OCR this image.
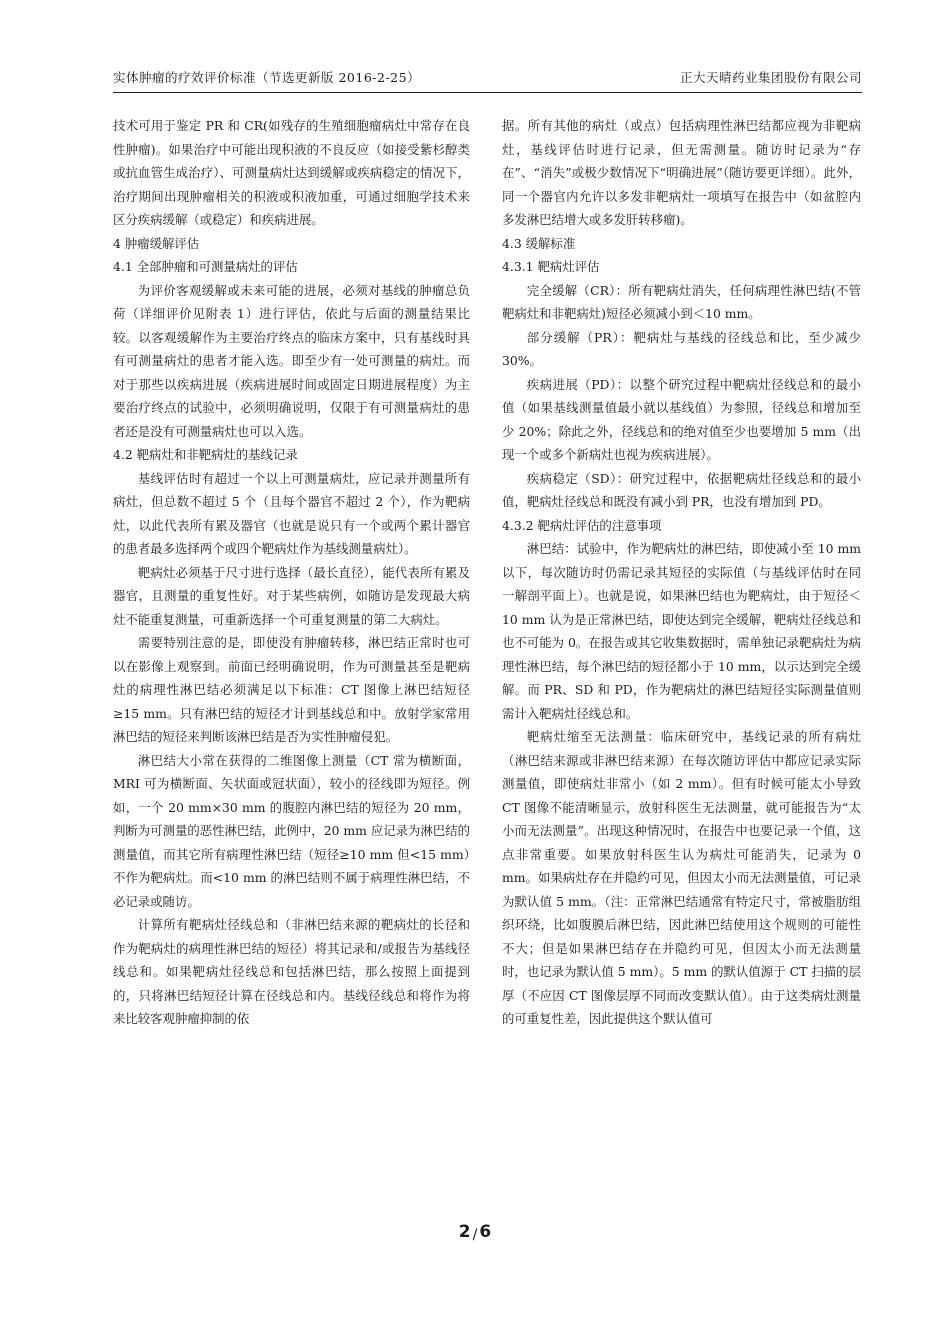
实体肿瘤的疗效评价标准（节选更新版 2016-2-25）	正大天晴药业集团股份有限公司

技术可用于鉴定 PR 和 CR(如残存的生殖细胞瘤病灶中常存在良性肿瘤)。如果治疗中可能出现积液的不良反应（如接受紫杉醇类或抗血管生成治疗）、可测量病灶达到缓解或疾病稳定的情况下，治疗期间出现肿瘤相关的积液或积液加重，可通过细胞学技术来区分疾病缓解（或稳定）和疾病进展。

4 肿瘤缓解评估

4.1 全部肿瘤和可测量病灶的评估

为评价客观缓解或未来可能的进展，必须对基线的肿瘤总负荷（详细评价见附表 1）进行评估，依此与后面的测量结果比较。以客观缓解作为主要治疗终点的临床方案中，只有基线时具有可测量病灶的患者才能入选。即至少有一处可测量的病灶。而对于那些以疾病进展（疾病进展时间或固定日期进展程度）为主要治疗终点的试验中，必须明确说明，仅限于有可测量病灶的患者还是没有可测量病灶也可以入选。

4.2 靶病灶和非靶病灶的基线记录

基线评估时有超过一个以上可测量病灶，应记录并测量所有病灶，但总数不超过 5 个（且每个器官不超过 2 个），作为靶病灶，以此代表所有累及器官（也就是说只有一个或两个累计器官的患者最多选择两个或四个靶病灶作为基线测量病灶）。

靶病灶必须基于尺寸进行选择（最长直径），能代表所有累及器官，且测量的重复性好。对于某些病例，如随访是发现最大病灶不能重复测量，可重新选择一个可重复测量的第二大病灶。

需要特别注意的是，即使没有肿瘤转移，淋巴结正常时也可以在影像上观察到。前面已经明确说明，作为可测量甚至是靶病灶的病理性淋巴结必须满足以下标准：CT 图像上淋巴结短径≥15 mm。只有淋巴结的短径才计到基线总和中。放射学家常用淋巴结的短径来判断该淋巴结是否为实性肿瘤侵犯。

淋巴结大小常在获得的二维图像上测量（CT 常为横断面，MRI 可为横断面、矢状面或冠状面），较小的径线即为短径。例如，一个 20 mm×30 mm 的腹腔内淋巴结的短径为 20 mm，判断为可测量的恶性淋巴结，此例中，20 mm 应记录为淋巴结的测量值，而其它所有病理性淋巴结（短径≥10 mm 但<15 mm）不作为靶病灶。而<10 mm 的淋巴结则不属于病理性淋巴结，不必记录或随访。

计算所有靶病灶径线总和（非淋巴结来源的靶病灶的长径和作为靶病灶的病理性淋巴结的短径）将其记录和/或报告为基线径线总和。如果靶病灶径线总和包括淋巴结，那么按照上面提到的，只将淋巴结短径计算在径线总和内。基线径线总和将作为将来比较客观肿瘤抑制的依

据。所有其他的病灶（或点）包括病理性淋巴结都应视为非靶病灶，基线评估时进行记录，但无需测量。随访时记录为“存在”、“消失”或极少数情况下“明确进展”（随访要更详细）。此外，同一个器官内允许以多发非靶病灶一项填写在报告中（如盆腔内多发淋巴结增大或多发肝转移瘤)。

4.3 缓解标准

4.3.1 靶病灶评估

完全缓解（CR）：所有靶病灶消失，任何病理性淋巴结(不管靶病灶和非靶病灶)短径必须减小到＜10 mm。

部分缓解（PR）：靶病灶与基线的径线总和比，至少减少 30%。

疾病进展（PD）：以整个研究过程中靶病灶径线总和的最小值（如果基线测量值最小就以基线值）为参照，径线总和增加至少 20%；除此之外，径线总和的绝对值至少也要增加 5 mm（出现一个或多个新病灶也视为疾病进展）。

疾病稳定（SD）：研究过程中，依据靶病灶径线总和的最小值，靶病灶径线总和既没有减小到 PR，也没有增加到 PD。

4.3.2 靶病灶评估的注意事项

淋巴结：试验中，作为靶病灶的淋巴结，即使减小至 10 mm 以下，每次随访时仍需记录其短径的实际值（与基线评估时在同一解剖平面上）。也就是说，如果淋巴结也为靶病灶，由于短径＜10 mm 认为是正常淋巴结，即使达到完全缓解，靶病灶径线总和也不可能为 0。在报告或其它收集数据时，需单独记录靶病灶为病理性淋巴结，每个淋巴结的短径都小于 10 mm，以示达到完全缓解。而 PR、SD 和 PD，作为靶病灶的淋巴结短径实际测量值则需计入靶病灶径线总和。

靶病灶缩至无法测量：临床研究中，基线记录的所有病灶（淋巴结来源或非淋巴结来源）在每次随访评估中都应记录实际测量值，即使病灶非常小（如 2 mm）。但有时候可能太小导致 CT 图像不能清晰显示，放射科医生无法测量，就可能报告为“太小而无法测量”。出现这种情况时，在报告中也要记录一个值，这点非常重要。如果放射科医生认为病灶可能消失，记录为 0 mm。如果病灶存在并隐约可见，但因太小而无法测量值，可记录为默认值 5 mm。（注：正常淋巴结通常有特定尺寸，常被脂肪组织环绕，比如腹膜后淋巴结，因此淋巴结使用这个规则的可能性不大；但是如果淋巴结存在并隐约可见，但因太小而无法测量时，也记录为默认值 5 mm）。5 mm 的默认值源于 CT 扫描的层厚（不应因 CT 图像层厚不同而改变默认值）。由于这类病灶测量的可重复性差，因此提供这个默认值可

2 / 6
